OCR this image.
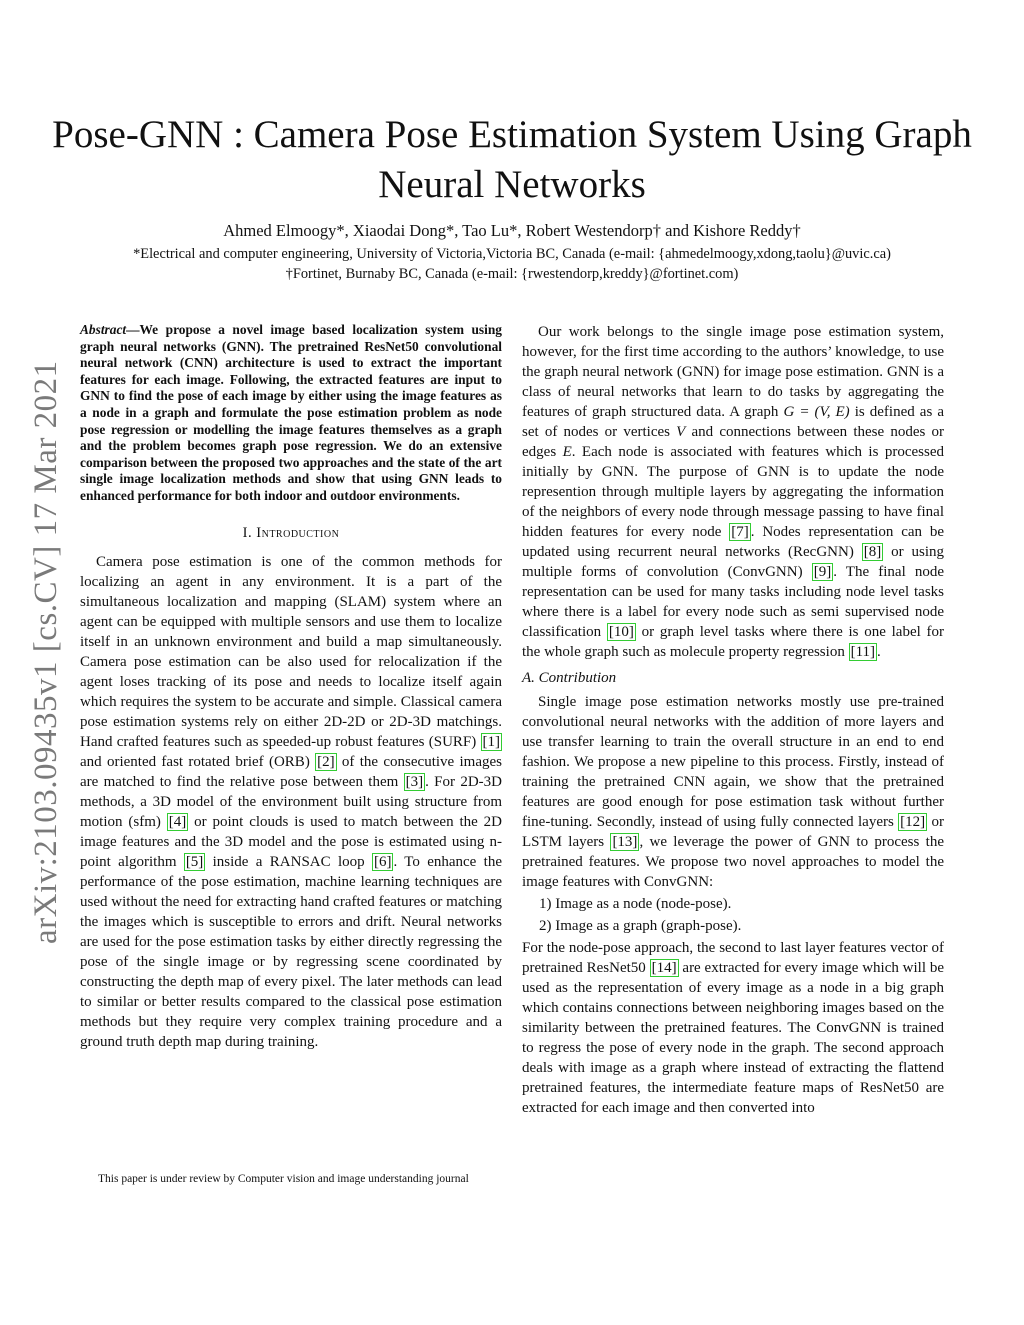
Pose-GNN : Camera Pose Estimation System Using Graph Neural Networks
Ahmed Elmoogy*, Xiaodai Dong*, Tao Lu*, Robert Westendorp† and Kishore Reddy†
*Electrical and computer engineering, University of Victoria,Victoria BC, Canada (e-mail: {ahmedelmoogy,xdong,taolu}@uvic.ca)
†Fortinet, Burnaby BC, Canada (e-mail: {rwestendorp,kreddy}@fortinet.com)
arXiv:2103.09435v1 [cs.CV] 17 Mar 2021
Abstract—We propose a novel image based localization system using graph neural networks (GNN). The pretrained ResNet50 convolutional neural network (CNN) architecture is used to extract the important features for each image. Following, the extracted features are input to GNN to find the pose of each image by either using the image features as a node in a graph and formulate the pose estimation problem as node pose regression or modelling the image features themselves as a graph and the problem becomes graph pose regression. We do an extensive comparison between the proposed two approaches and the state of the art single image localization methods and show that using GNN leads to enhanced performance for both indoor and outdoor environments.
I. Introduction

Camera pose estimation is one of the common methods for localizing an agent in any environment. It is a part of the simultaneous localization and mapping (SLAM) system where an agent can be equipped with multiple sensors and use them to localize itself in an unknown environment and build a map simultaneously. Camera pose estimation can be also used for relocalization if the agent loses tracking of its pose and needs to localize itself again which requires the system to be accurate and simple. Classical camera pose estimation systems rely on either 2D-2D or 2D-3D matchings. Hand crafted features such as speeded-up robust features (SURF) [1] and oriented fast rotated brief (ORB) [2] of the consecutive images are matched to find the relative pose between them [3] . For 2D-3D methods, a 3D model of the environment built using structure from motion (sfm) [4] or point clouds is used to match between the 2D image features and the 3D model and the pose is estimated using n-point algorithm [5] inside a RANSAC loop [6] . To enhance the performance of the pose estimation, machine learning techniques are used without the need for extracting hand crafted features or matching the images which is susceptible to errors and drift. Neural networks are used for the pose estimation tasks by either directly regressing the pose of the single image or by regressing scene coordinated by constructing the depth map of every pixel. The later methods can lead to similar or better results compared to the classical pose estimation methods but they require very complex training procedure and a ground truth depth map during training.

This paper is under review by Computer vision and image understanding journal

Our work belongs to the single image pose estimation system, however, for the first time according to the authors’ knowledge, to use the graph neural network (GNN) for image pose estimation. GNN is a class of neural networks that learn to do tasks by aggregating the features of graph structured data. A graph G = (V, E) is defined as a set of nodes or vertices V and connections between these nodes or edges E. Each node is associated with features which is processed initially by GNN. The purpose of GNN is to update the node represention through multiple layers by aggregating the information of the neighbors of every node through message passing to have final hidden features for every node [7] . Nodes representation can be updated using recurrent neural networks (RecGNN) [8] or using multiple forms of convolution (ConvGNN) [9] . The final node representation can be used for many tasks including node level tasks where there is a label for every node such as semi supervised node classification [10] or graph level tasks where there is one label for the whole graph such as molecule property regression [11] .

A. Contribution

Single image pose estimation networks mostly use pre-trained convolutional neural networks with the addition of more layers and use transfer learning to train the overall structure in an end to end fashion. We propose a new pipeline to this process. Firstly, instead of training the pretrained CNN again, we show that the pretrained features are good enough for pose estimation task without further fine-tuning. Secondly, instead of using fully connected layers [12] or LSTM layers [13] , we leverage the power of GNN to process the pretrained features. We propose two novel approaches to model the image features with ConvGNN:

1) Image as a node (node-pose).
2) Image as a graph (graph-pose).

For the node-pose approach, the second to last layer features vector of pretrained ResNet50 [14] are extracted for every image which will be used as the representation of every image as a node in a big graph which contains connections between neighboring images based on the similarity between the pretrained features. The ConvGNN is trained to regress the pose of every node in the graph. The second approach deals with image as a graph where instead of extracting the flattend pretrained features, the intermediate feature maps of ResNet50 are extracted for each image and then converted into
